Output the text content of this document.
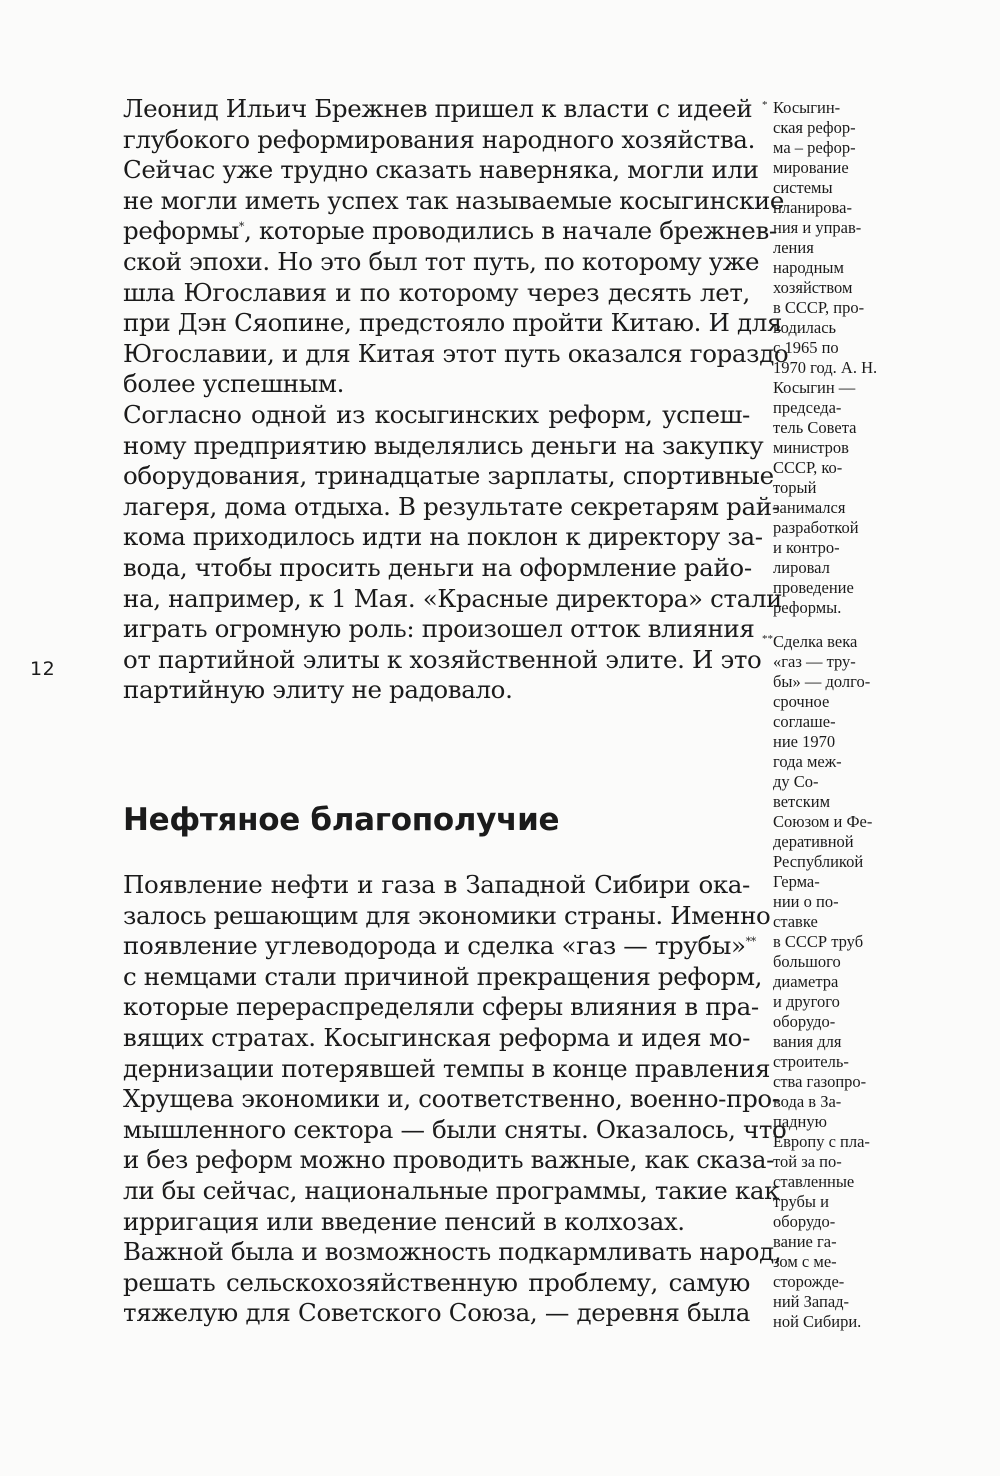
Леонид Ильич Брежнев пришел к власти с идеей
глубокого реформирования народного хозяйства.
Сейчас уже трудно сказать наверняка, могли или
не могли иметь успех так называемые косыгинские
реформы*, которые проводились в начале брежнев-
ской эпохи. Но это был тот путь, по которому уже
шла Югославия и по которому через десять лет,
при Дэн Сяопине, предстояло пройти Китаю. И для
Югославии, и для Китая этот путь оказался гораздо
более успешным.
Согласно одной из косыгинских реформ, успеш-
ному предприятию выделялись деньги на закупку
оборудования, тринадцатые зарплаты, спортивные
лагеря, дома отдыха. В результате секретарям рай-
кома приходилось идти на поклон к директору за-
вода, чтобы просить деньги на оформление райо-
на, например, к 1 Мая. «Красные директора» стали
играть огромную роль: произошел отток влияния
от партийной элиты к хозяйственной элите. И это
партийную элиту не радовало.
12
Нефтяное благополучие
Появление нефти и газа в Западной Сибири ока-
залось решающим для экономики страны. Именно
появление углеводорода и сделка «газ — трубы»**
с немцами стали причиной прекращения реформ,
которые перераспределяли сферы влияния в пра-
вящих стратах. Косыгинская реформа и идея мо-
дернизации потерявшей темпы в конце правления
Хрущева экономики и, соответственно, военно-про-
мышленного сектора — были сняты. Оказалось, что
и без реформ можно проводить важные, как сказа-
ли бы сейчас, национальные программы, такие как
ирригация или введение пенсий в колхозах.
Важной была и возможность подкармливать народ,
решать сельскохозяйственную проблему, самую
тяжелую для Советского Союза, — деревня была
* Косыгин-
ская рефор-
ма – рефор-
мирование
системы
планирова-
ния и управ-
ления
народным
хозяйством
в СССР, про-
водилась
с 1965 по
1970 год. А. Н.
Косыгин —
председа-
тель Совета
министров
СССР, ко-
торый
занимался
разработкой
и контро-
лировал
проведение
реформы.
** Сделка века
«газ — тру-
бы» — долго-
срочное
соглаше-
ние 1970
года меж-
ду Со-
ветским
Союзом и Фе-
деративной
Республикой
Герма-
нии о по-
ставке
в СССР труб
большого
диаметра
и другого
оборудо-
вания для
строитель-
ства газопро-
вода в За-
падную
Европу с пла-
той за по-
ставленные
трубы и
оборудо-
вание га-
зом с ме-
сторожде-
ний Запад-
ной Сибири.
